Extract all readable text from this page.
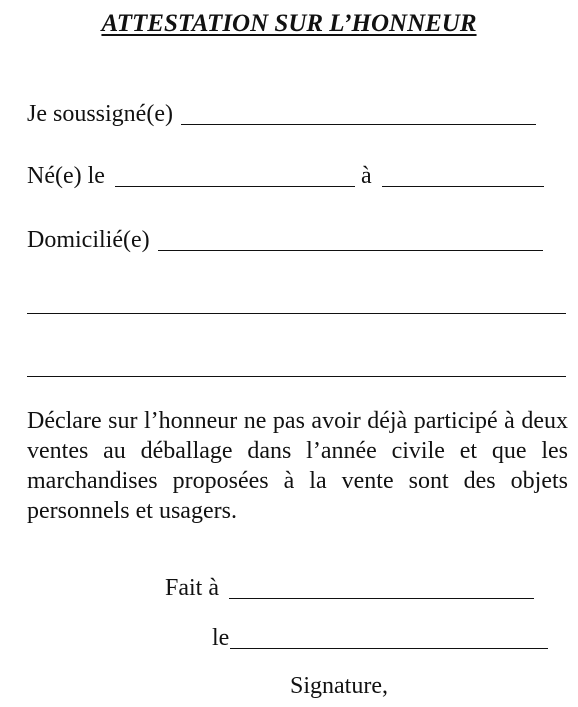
ATTESTATION SUR L’HONNEUR
Je soussigné(e)
Né(e) le	à
Domicilié(e)
Déclare sur l’honneur ne pas avoir déjà participé à deux ventes au déballage dans l’année civile et que les marchandises proposées à la vente sont des objets personnels et usagers.
Fait à
le
Signature,
